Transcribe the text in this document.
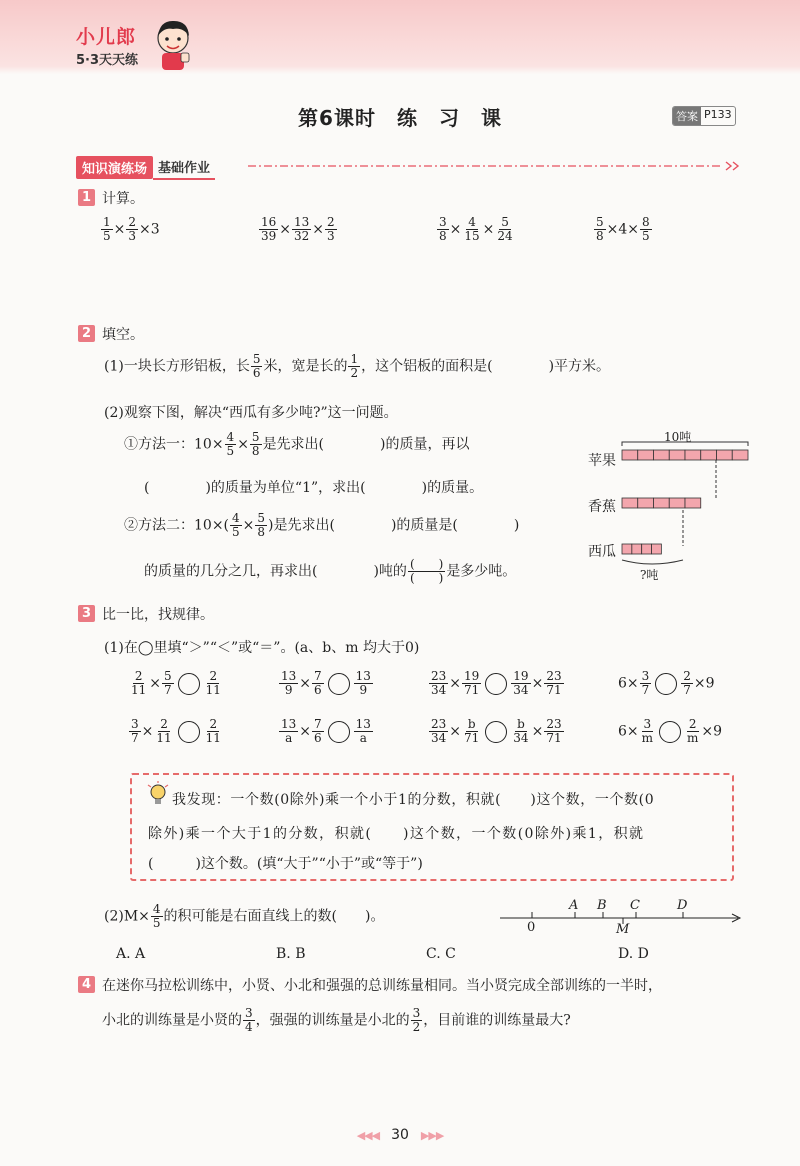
小儿郎
5·3天天练
第6课时　练　习　课	答案 P133
知识演练场 基础作业
1 计算。
$\frac{1}{5} \times \frac{2}{3} \times 3$	$\frac{16}{39} \times \frac{13}{32} \times \frac{2}{3}$	$\frac{3}{8} \times \frac{4}{15} \times \frac{5}{24}$	$\frac{5}{8} \times 4\times \frac{8}{5}$
2 填空。
(1)一块长方形铝板，长 $\frac{5}{6}$ 米，宽是长的 $\frac{1}{2}$ ，这个铝板的面积是(	)平方米。
(2)观察下图，解决“西瓜有多少吨?”这一问题。
①方法一：$10\times \frac{4}{5} \times \frac{5}{8}$ 是先求出(	)的质量，再以
(	)的质量为单位“1”，求出(	)的质量。
②方法二：$10\times( \frac{4}{5} \times \frac{5}{8}$ )是先求出(	)的质量是(	)
的质量的几分之几，再求出(	)吨的 (　　)
(　　) 是多少吨。
10吨
苹果
香蕉
西瓜
?吨
3 比一比，找规律。
(1)在◯里填“＞”“＜”或“＝”。(a、b、m 均大于0)
$\frac{2}{11} \times \frac{5}{7}$	$\frac{2}{11}$	$\frac{13}{9} \times \frac{7}{6}$	$\frac{13}{9}$	$\frac{23}{34} \times \frac{19}{71}$	$\frac{19}{34} \times \frac{23}{71}$	$6\times \frac{3}{7}$	$\frac{2}{7} \times 9$
$\frac{3}{7} \times \frac{2}{11}$	$\frac{2}{11}$	$\frac{13}{a} \times \frac{7}{6}$	$\frac{13}{a}$	$\frac{23}{34} \times \frac{b}{71}$	$\frac{b}{34} \times \frac{23}{71}$	$6\times \frac{3}{m}$	$\frac{2}{m} \times 9$
我发现：一个数(0除外)乘一个小于1的分数，积就(　　)这个数，一个数(0
除外)乘一个大于1的分数，积就(　　)这个数，一个数(0除外)乘1，积就
(　　　)这个数。(填“大于”“小于”或“等于”)
$(2)M\times \frac{4}{5}$ 的积可能是右面直线上的数(　　)。
A. A	B. B	C. C	D. D
0
A B C	D
M
4 在迷你马拉松训练中，小贤、小北和强强的总训练量相同。当小贤完成全部训练的一半时，
小北的训练量是小贤的 $\frac{3}{4}$ ，强强的训练量是小北的 $\frac{3}{2}$ ，目前谁的训练量最大?
◀◀◀ 30 ▶▶▶
